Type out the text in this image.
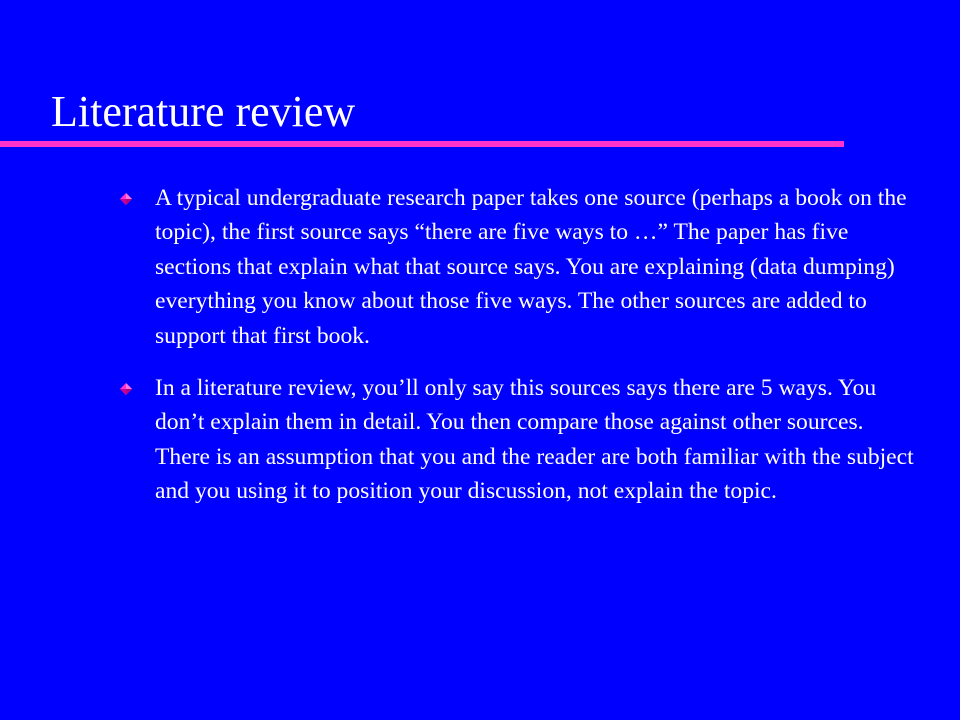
Literature review
A typical undergraduate research paper takes one source (perhaps a book on the topic), the first source says “there are five ways to …” The paper has five sections that explain what that source says. You are explaining (data dumping) everything you know about those five ways. The other sources are added to support that first book.
In a literature review, you’ll only say this sources says there are 5 ways. You don’t explain them in detail. You then compare those against other sources. There is an assumption that you and the reader are both familiar with the subject and you using it to position your discussion, not explain the topic.
